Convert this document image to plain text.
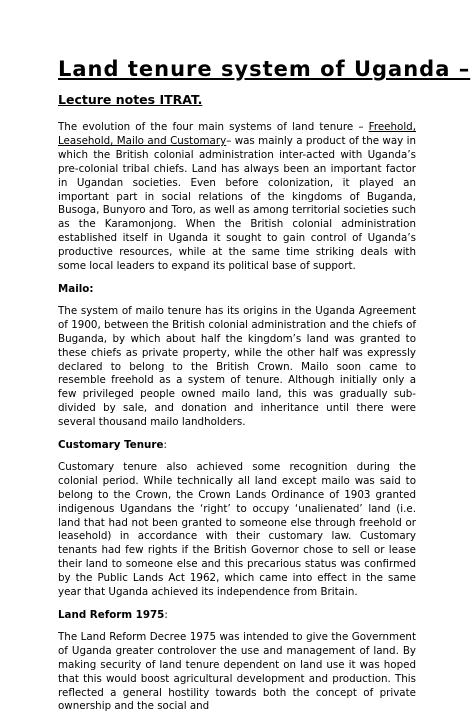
Land tenure system of Uganda –
Lecture notes ITRAT.

The evolution of the four main systems of land tenure – Freehold, Leasehold, Mailo and Customary– was mainly a product of the way in which the British colonial administration inter-acted with Uganda’s pre-colonial tribal chiefs. Land has always been an important factor in Ugandan societies. Even before colonization, it played an important part in social relations of the kingdoms of Buganda, Busoga, Bunyoro and Toro, as well as among territorial societies such as the Karamonjong. When the British colonial administration established itself in Uganda it sought to gain control of Uganda’s productive resources, while at the same time striking deals with some local leaders to expand its political base of support.

Mailo:

The system of mailo tenure has its origins in the Uganda Agreement of 1900, between the British colonial administration and the chiefs of Buganda, by which about half the kingdom’s land was granted to these chiefs as private property, while the other half was expressly declared to belong to the British Crown. Mailo soon came to resemble freehold as a system of tenure. Although initially only a few privileged people owned mailo land, this was gradually sub-divided by sale, and donation and inheritance until there were several thousand mailo landholders.

Customary Tenure:

Customary tenure also achieved some recognition during the colonial period. While technically all land except mailo was said to belong to the Crown, the Crown Lands Ordinance of 1903 granted indigenous Ugandans the ‘right’ to occupy ‘unalienated’ land (i.e. land that had not been granted to someone else through freehold or leasehold) in accordance with their customary law. Customary tenants had few rights if the British Governor chose to sell or lease their land to someone else and this precarious status was confirmed by the Public Lands Act 1962, which came into effect in the same year that Uganda achieved its independence from Britain.

Land Reform 1975:

The Land Reform Decree 1975 was intended to give the Government of Uganda greater controlover the use and management of land. By making security of land tenure dependent on land use it was hoped that this would boost agricultural development and production. This reflected a general hostility towards both the concept of private ownership and the social and
